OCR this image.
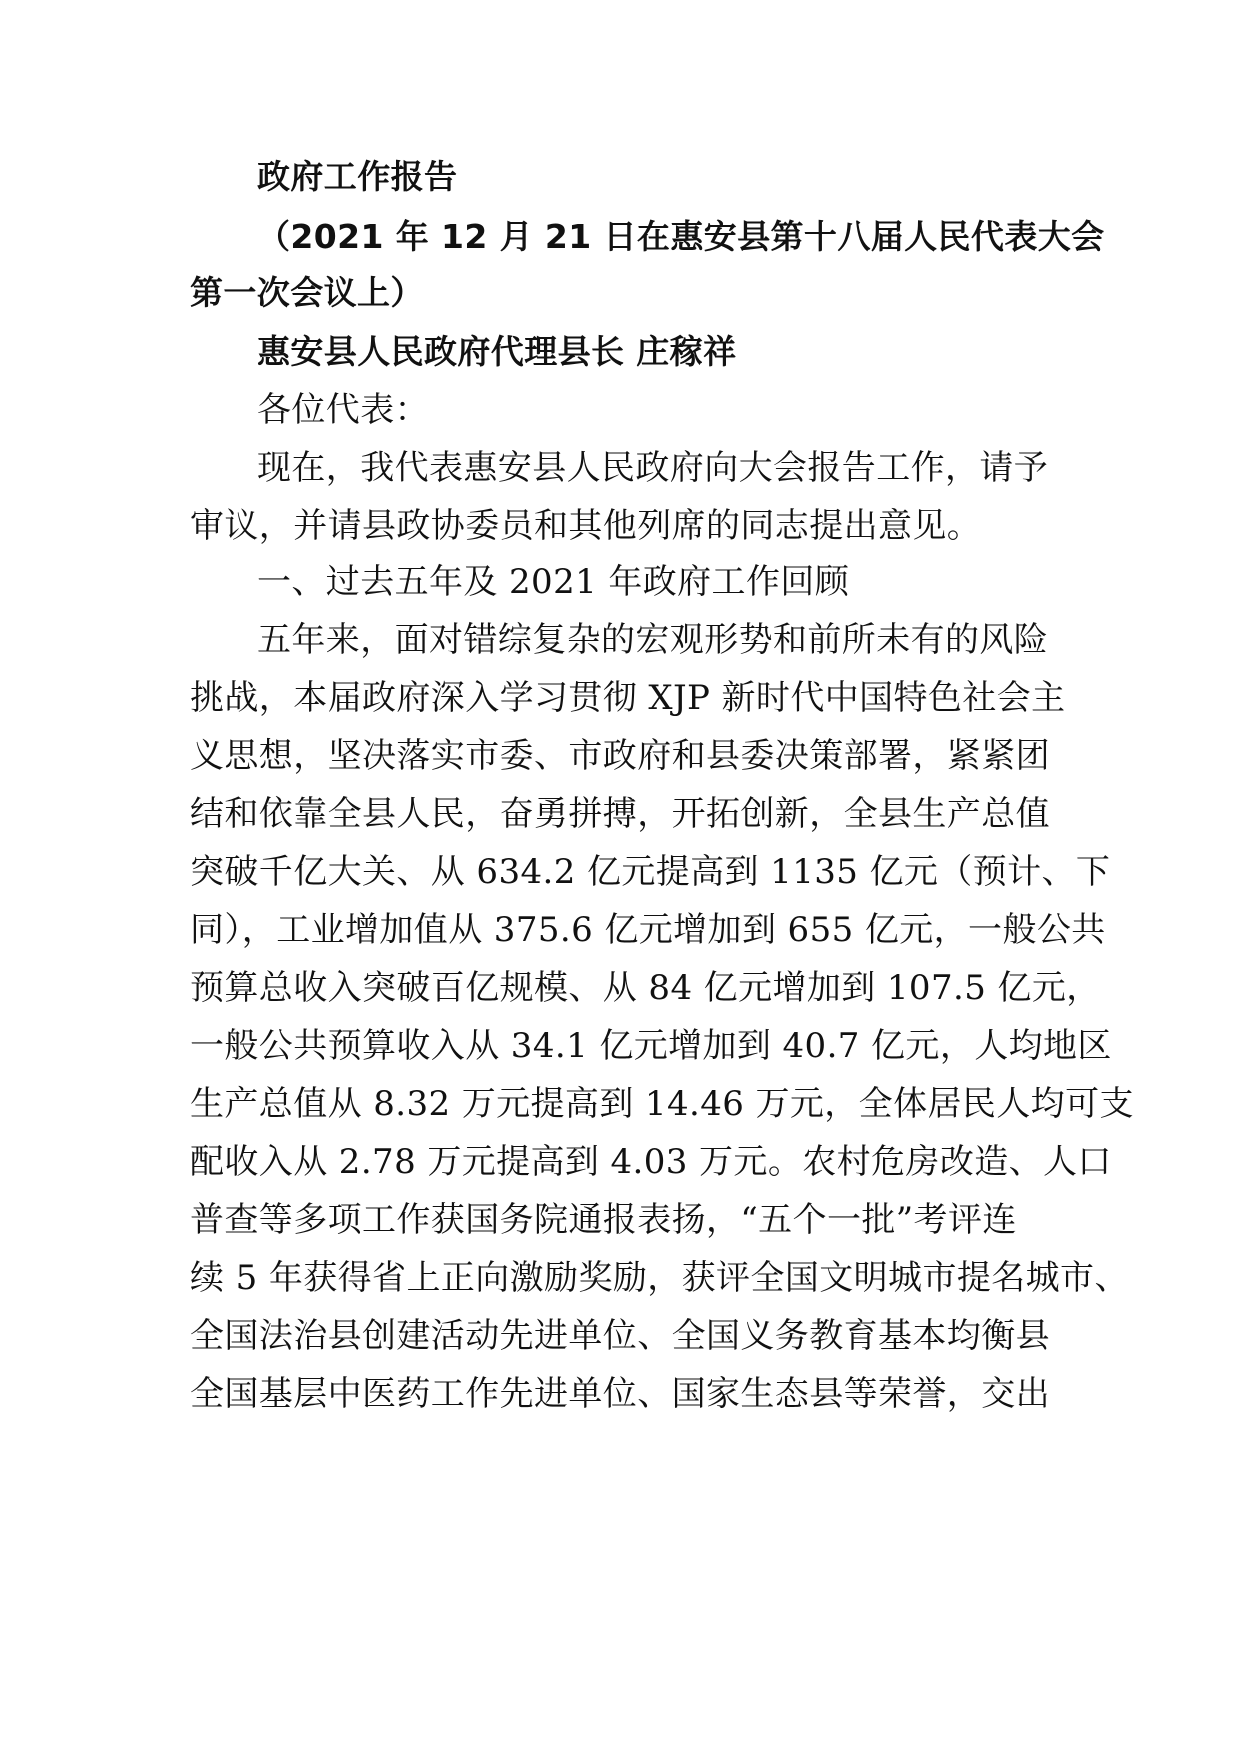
政府工作报告
（2021 年 12 月 21 日在惠安县第十八届人民代表大会
第一次会议上）
惠安县人民政府代理县长 庄稼祥
各位代表：
现在，我代表惠安县人民政府向大会报告工作，请予
审议，并请县政协委员和其他列席的同志提出意见。
一、过去五年及 2021 年政府工作回顾
五年来，面对错综复杂的宏观形势和前所未有的风险
挑战，本届政府深入学习贯彻 XJP 新时代中国特色社会主
义思想，坚决落实市委、市政府和县委决策部署，紧紧团
结和依靠全县人民，奋勇拼搏，开拓创新，全县生产总值
突破千亿大关、从 634.2 亿元提高到 1135 亿元（预计、下
同），工业增加值从 375.6 亿元增加到 655 亿元，一般公共
预算总收入突破百亿规模、从 84 亿元增加到 107.5 亿元，
一般公共预算收入从 34.1 亿元增加到 40.7 亿元，人均地区
生产总值从 8.32 万元提高到 14.46 万元，全体居民人均可支
配收入从 2.78 万元提高到 4.03 万元。农村危房改造、人口
普查等多项工作获国务院通报表扬，“五个一批”考评连
续 5 年获得省上正向激励奖励，获评全国文明城市提名城市、
全国法治县创建活动先进单位、全国义务教育基本均衡县
全国基层中医药工作先进单位、国家生态县等荣誉，交出
